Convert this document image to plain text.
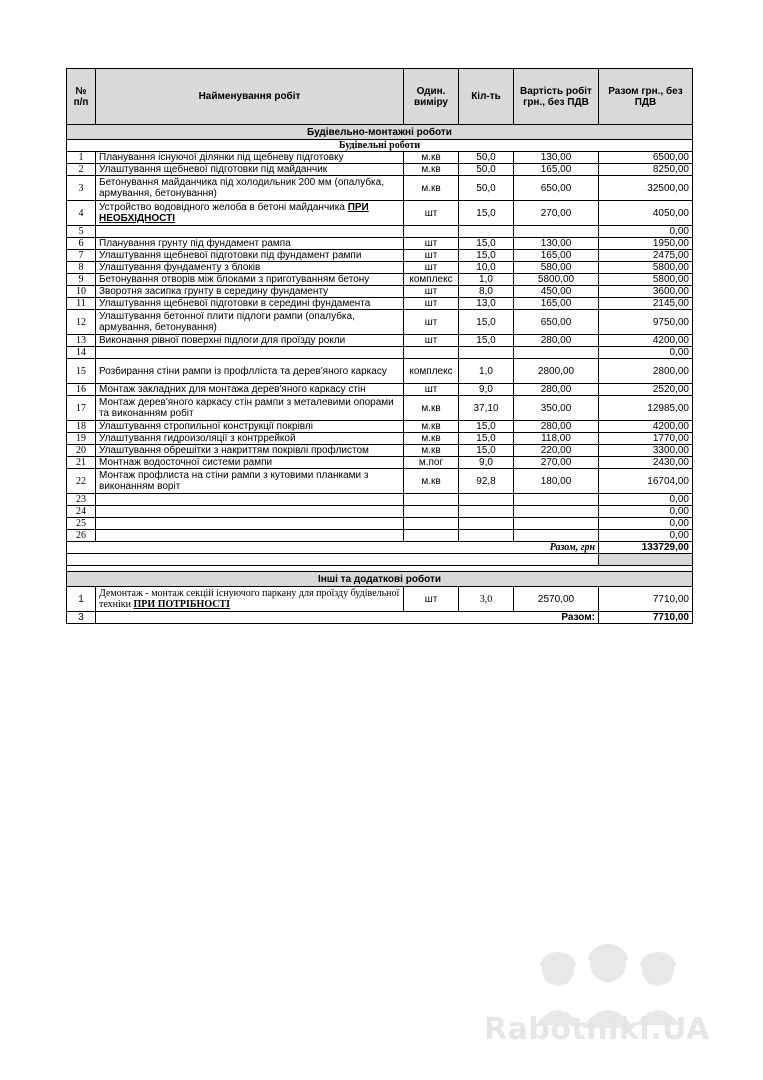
№
п/п	Найменування робіт	Один. виміру	Кіл-ть	Вартість робіт грн., без ПДВ	Разом грн., без ПДВ
Будівельно-монтажні роботи					
Будівельні роботи					
1	Планування існуючої ділянки під щебневу підготовку	м.кв	50,0	130,00	6500,00
2	Улаштування щебневої підготовки під майданчик	м.кв	50,0	165,00	8250,00
3	Бетонування майданчика під холодильник 200 мм (опалубка, армування, бетонування)	м.кв	50,0	650,00	32500,00
4	Устройство водовідного желоба в бетоні майданчика ПРИ НЕОБХІДНОСТІ	шт	15,0	270,00	4050,00
5					0,00
6	Планування грунту під фундамент рампа	шт	15,0	130,00	1950,00
7	Улаштування щебневої підготовки під фундамент рампи	шт	15,0	165,00	2475,00
8	Улаштування фундаменту з блоків	шт	10,0	580,00	5800,00
9	Бетонування отворів між блоками з приготуванням бетону	комплекс	1,0	5800,00	5800,00
10	Зворотня засипка грунту в середину фундаменту	шт	8,0	450,00	3600,00
11	Улаштування щебневої підготовки в середині фундамента	шт	13,0	165,00	2145,00
12	Улаштування бетонної плити підлоги рампи (опалубка, армування, бетонування)	шт	15,0	650,00	9750,00
13	Виконання рівної поверхні підлоги для проїзду рокли	шт	15,0	280,00	4200,00
14					0,00
15	Розбирання стіни рампи із профлліста та дерев'яного каркасу	комплекс	1,0	2800,00	2800,00
16	Монтаж закладних для монтажа дерев'яного каркасу стін	шт	9,0	280,00	2520,00
17	Монтаж дерев'яного каркасу стін рампи з металевими опорами та виконанням робіт	м.кв	37,10	350,00	12985,00
18	Улаштування стропильної конструкції покрівлі	м.кв	15,0	280,00	4200,00
19	Улаштування гидроизоляції з контррейкой	м.кв	15,0	118,00	1770,00
20	Улаштування обрешітки з накриттям покрівлі профлистом	м.кв	15,0	220,00	3300,00
21	Монтнаж водосточної системи рампи	м.пог	9,0	270,00	2430,00
22	Монтаж профлиста на стіни рампи з кутовими планками з виконанням воріт	м.кв	92,8	180,00	16704,00
23					0,00
24					0,00
25					0,00
26					0,00
Разом, грн					133729,00

Інші та додаткові роботи					
1	Демонтаж - монтаж секцій існуючого паркану для проїзду будівельної техніки ПРИ ПОТРІБНОСТІ	шт	3,0	2570,00	7710,00
3	Разом:				7710,00
Rabotniki.UA
